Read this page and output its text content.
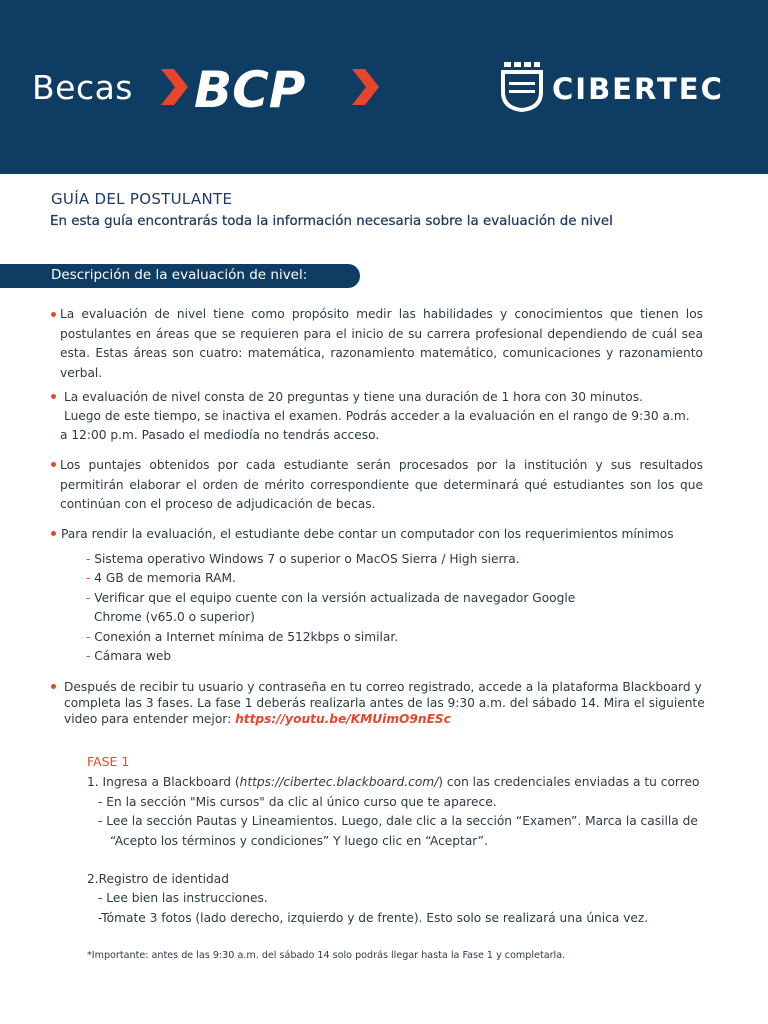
Becas BCP	CIBERTEC
GUÍA DEL POSTULANTE
En esta guía encontrarás toda la información necesaria sobre la evaluación de nivel
Descripción de la evaluación de nivel:
La evaluación de nivel tiene como propósito medir las habilidades y conocimientos que tienen los postulantes en áreas que se requieren para el inicio de su carrera profesional dependiendo de cuál sea esta. Estas áreas son cuatro: matemática, razonamiento matemático, comunicaciones y razonamiento verbal.
La evaluación de nivel consta de 20 preguntas y tiene una duración de 1 hora con 30 minutos.
Luego de este tiempo, se inactiva el examen. Podrás acceder a la evaluación en el rango de 9:30 a.m.
a 12:00 p.m. Pasado el mediodía no tendrás acceso.
Los puntajes obtenidos por cada estudiante serán procesados por la institución y sus resultados permitirán elaborar el orden de mérito correspondiente que determinará qué estudiantes son los que continúan con el proceso de adjudicación de becas.
Para rendir la evaluación, el estudiante debe contar un computador con los requerimientos mínimos
- Sistema operativo Windows 7 o superior o MacOS Sierra / High sierra.
- 4 GB de memoria RAM.
- Verificar que el equipo cuente con la versión actualizada de navegador Google
Chrome (v65.0 o superior)
- Conexión a Internet mínima de 512kbps o similar.
- Cámara web
Después de recibir tu usuario y contraseña en tu correo registrado, accede a la plataforma Blackboard y
completa las 3 fases. La fase 1 deberás realizarla antes de las 9:30 a.m. del sábado 14. Mira el siguiente
video para entender mejor: https://youtu.be/KMUimO9nESc
FASE 1
1. Ingresa a Blackboard (https://cibertec.blackboard.com/) con las credenciales enviadas a tu correo
- En la sección "Mis cursos" da clic al único curso que te aparece.
- Lee la sección Pautas y Lineamientos. Luego, dale clic a la sección “Examen”. Marca la casilla de
“Acepto los términos y condiciones” Y luego clic en “Aceptar”.
2.Registro de identidad
- Lee bien las instrucciones.
-Tómate 3 fotos (lado derecho, izquierdo y de frente). Esto solo se realizará una única vez.
*Importante: antes de las 9:30 a.m. del sábado 14 solo podrás llegar hasta la Fase 1 y completarla.
